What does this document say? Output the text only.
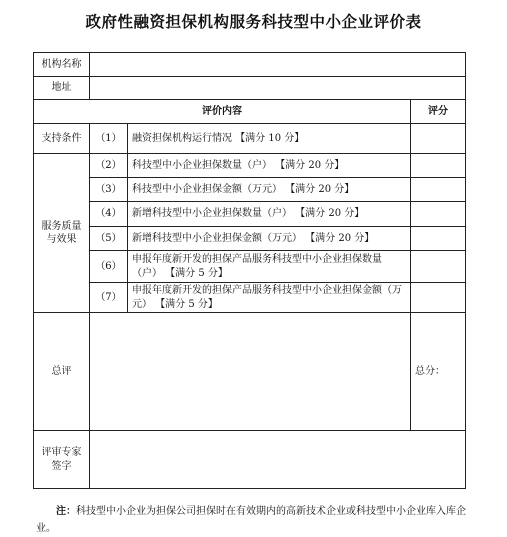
政府性融资担保机构服务科技型中小企业评价表
机构名称			
地址			
评价内容			评分
支持条件	（1）	融资担保机构运行情况 【满分 10 分】	
服务质量与效果	（2）	科技型中小企业担保数量（户） 【满分 20 分】	
	（3）	科技型中小企业担保金额（万元） 【满分 20 分】	
	（4）	新增科技型中小企业担保数量（户） 【满分 20 分】	
	（5）	新增科技型中小企业担保金额（万元） 【满分 20 分】	
	（6）	申报年度新开发的担保产品服务科技型中小企业担保数量（户） 【满分 5 分】	
	（7）	申报年度新开发的担保产品服务科技型中小企业担保金额（万元） 【满分 5 分】	
总评			总分：
评审专家签字			
注：科技型中小企业为担保公司担保时在有效期内的高新技术企业或科技型中小企业库入库企业。
